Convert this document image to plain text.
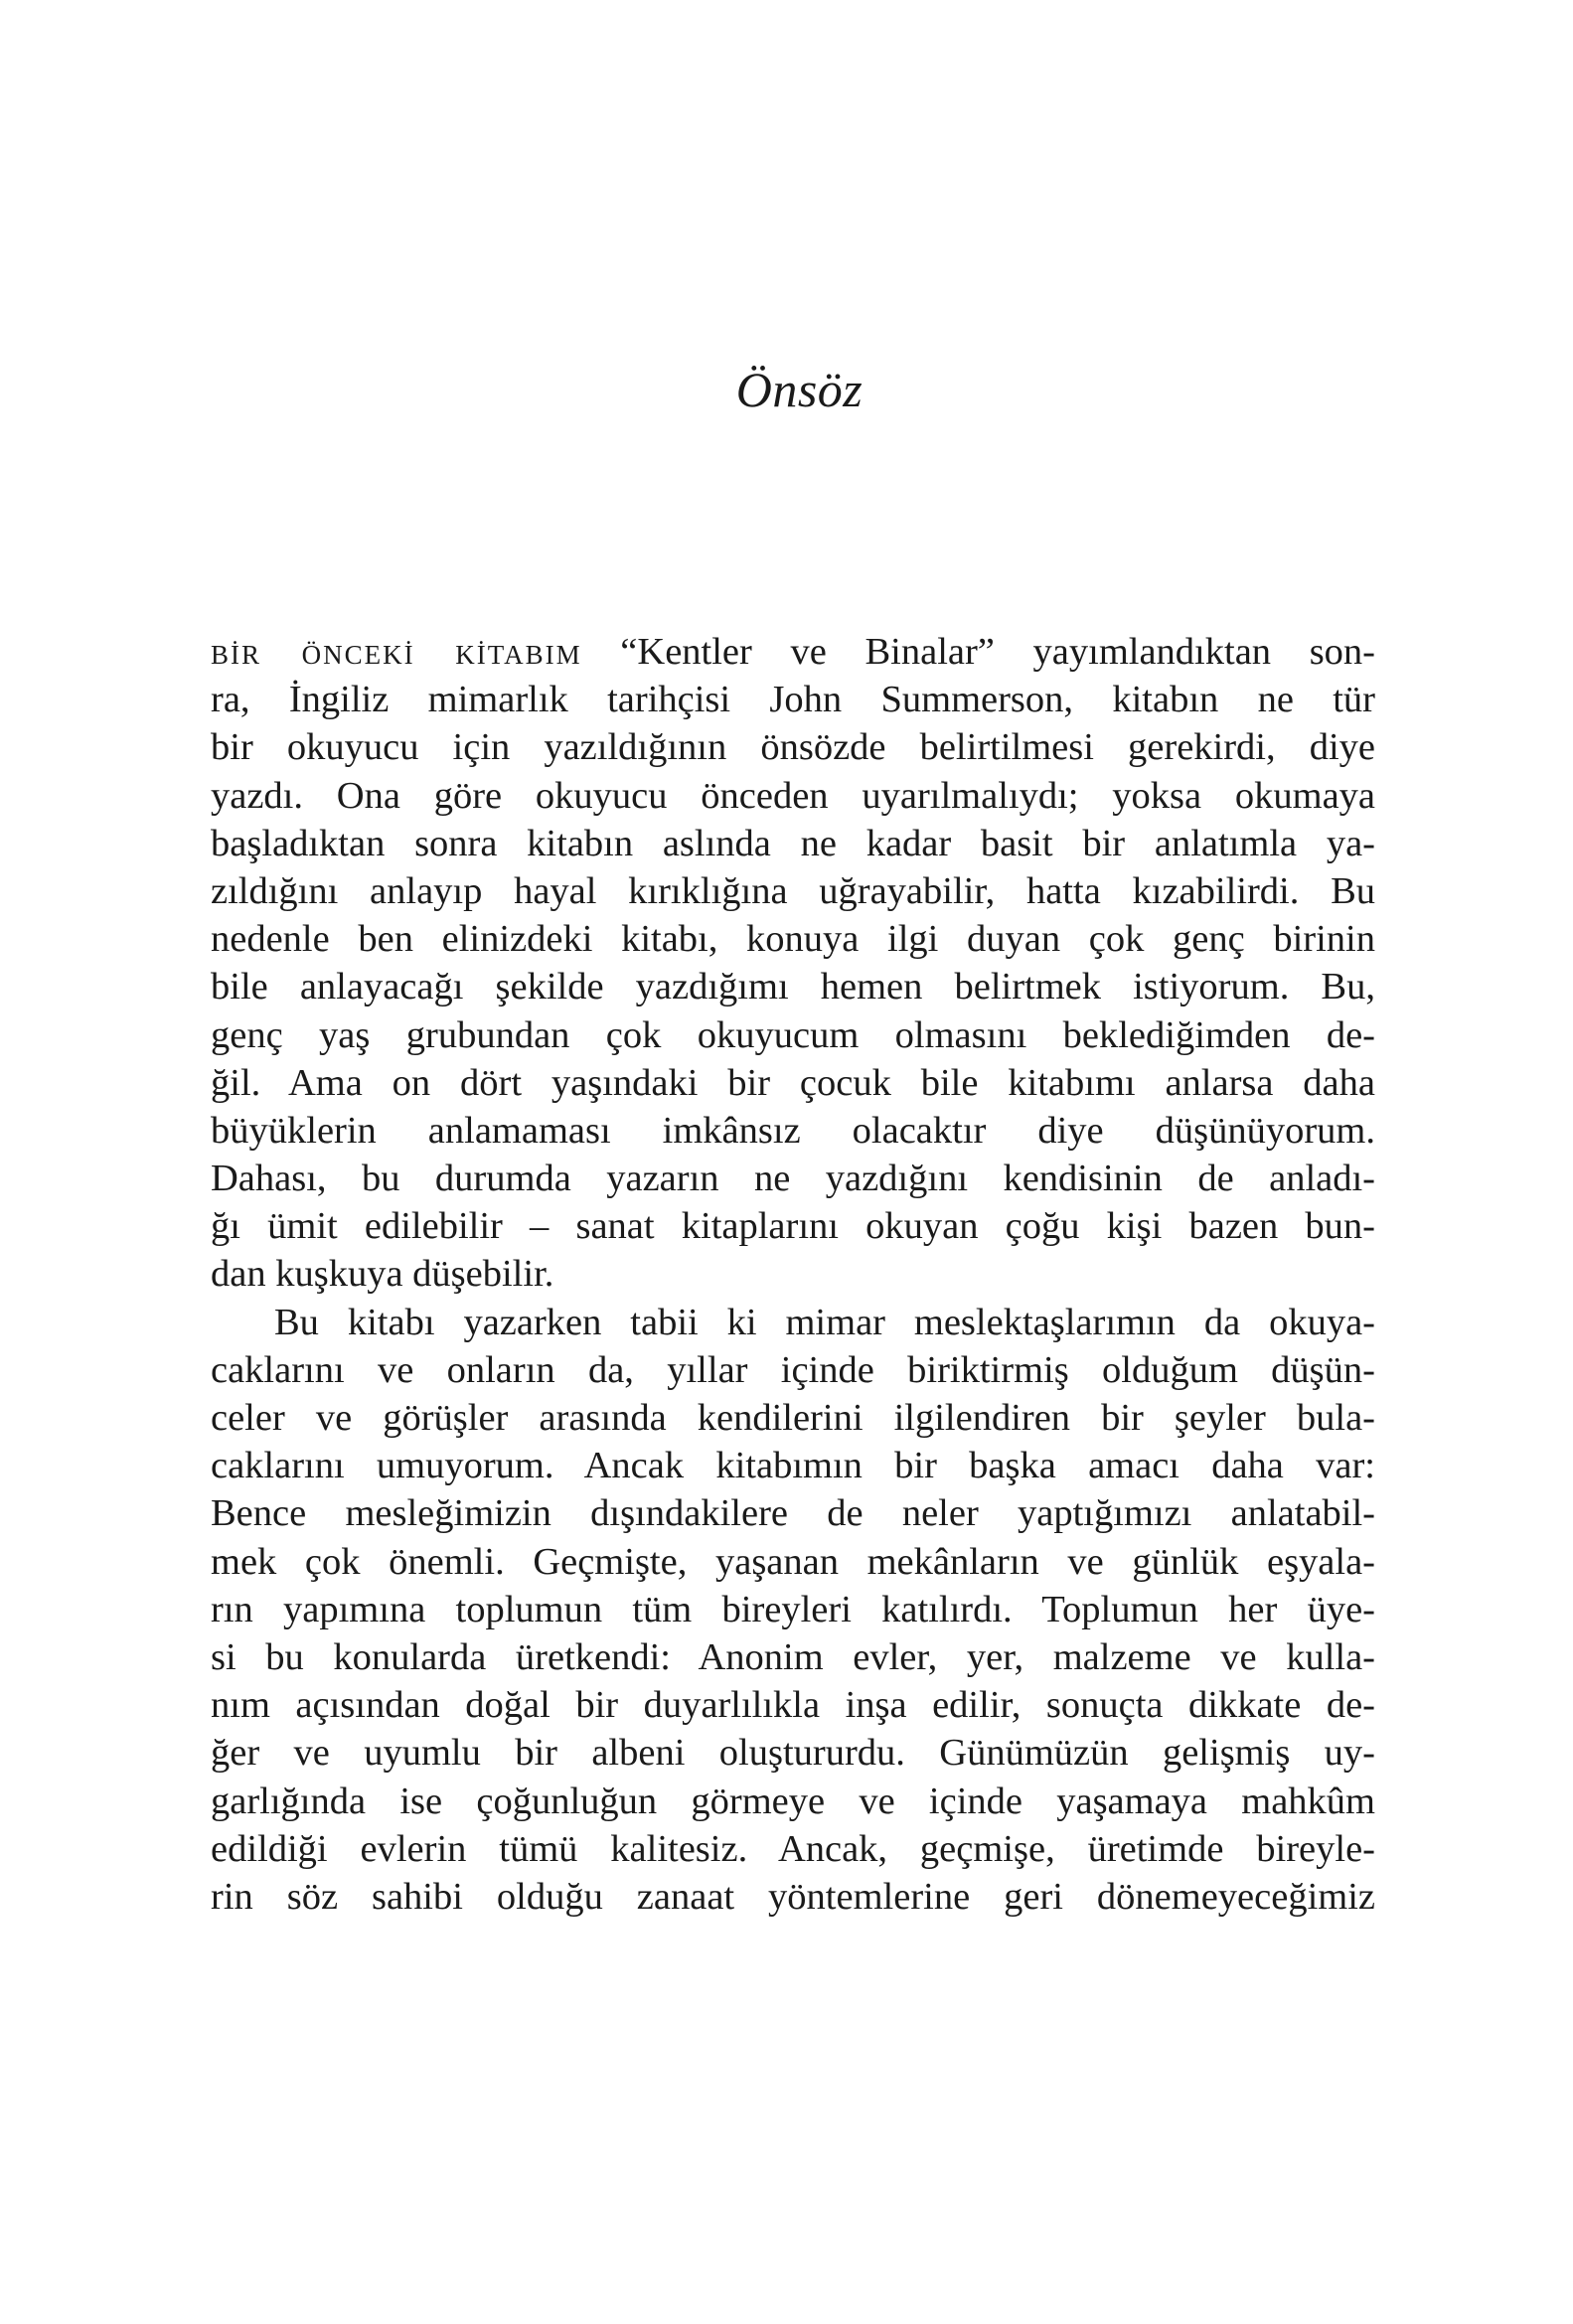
Önsöz
bi̇r önceki̇ ki̇tabim “Kentler ve Binalar” yayımlandıktan son-
ra, İngiliz mimarlık tarihçisi John Summerson, kitabın ne tür
bir okuyucu için yazıldığının önsözde belirtilmesi gerekirdi, diye
yazdı. Ona göre okuyucu önceden uyarılmalıydı; yoksa okumaya
başladıktan sonra kitabın aslında ne kadar basit bir anlatımla ya-
zıldığını anlayıp hayal kırıklığına uğrayabilir, hatta kızabilirdi. Bu
nedenle ben elinizdeki kitabı, konuya ilgi duyan çok genç birinin
bile anlayacağı şekilde yazdığımı hemen belirtmek istiyorum. Bu,
genç yaş grubundan çok okuyucum olmasını beklediğimden de-
ğil. Ama on dört yaşındaki bir çocuk bile kitabımı anlarsa daha
büyüklerin anlamaması imkânsız olacaktır diye düşünüyorum.
Dahası, bu durumda yazarın ne yazdığını kendisinin de anladı-
ğı ümit edilebilir – sanat kitaplarını okuyan çoğu kişi bazen bun-
dan kuşkuya düşebilir.
Bu kitabı yazarken tabii ki mimar meslektaşlarımın da okuya-
caklarını ve onların da, yıllar içinde biriktirmiş olduğum düşün-
celer ve görüşler arasında kendilerini ilgilendiren bir şeyler bula-
caklarını umuyorum. Ancak kitabımın bir başka amacı daha var:
Bence mesleğimizin dışındakilere de neler yaptığımızı anlatabil-
mek çok önemli. Geçmişte, yaşanan mekânların ve günlük eşyala-
rın yapımına toplumun tüm bireyleri katılırdı. Toplumun her üye-
si bu konularda üretkendi: Anonim evler, yer, malzeme ve kulla-
nım açısından doğal bir duyarlılıkla inşa edilir, sonuçta dikkate de-
ğer ve uyumlu bir albeni oluştururdu. Günümüzün gelişmiş uy-
garlığında ise çoğunluğun görmeye ve içinde yaşamaya mahkûm
edildiği evlerin tümü kalitesiz. Ancak, geçmişe, üretimde bireyle-
rin söz sahibi olduğu zanaat yöntemlerine geri dönemeyeceğimiz
